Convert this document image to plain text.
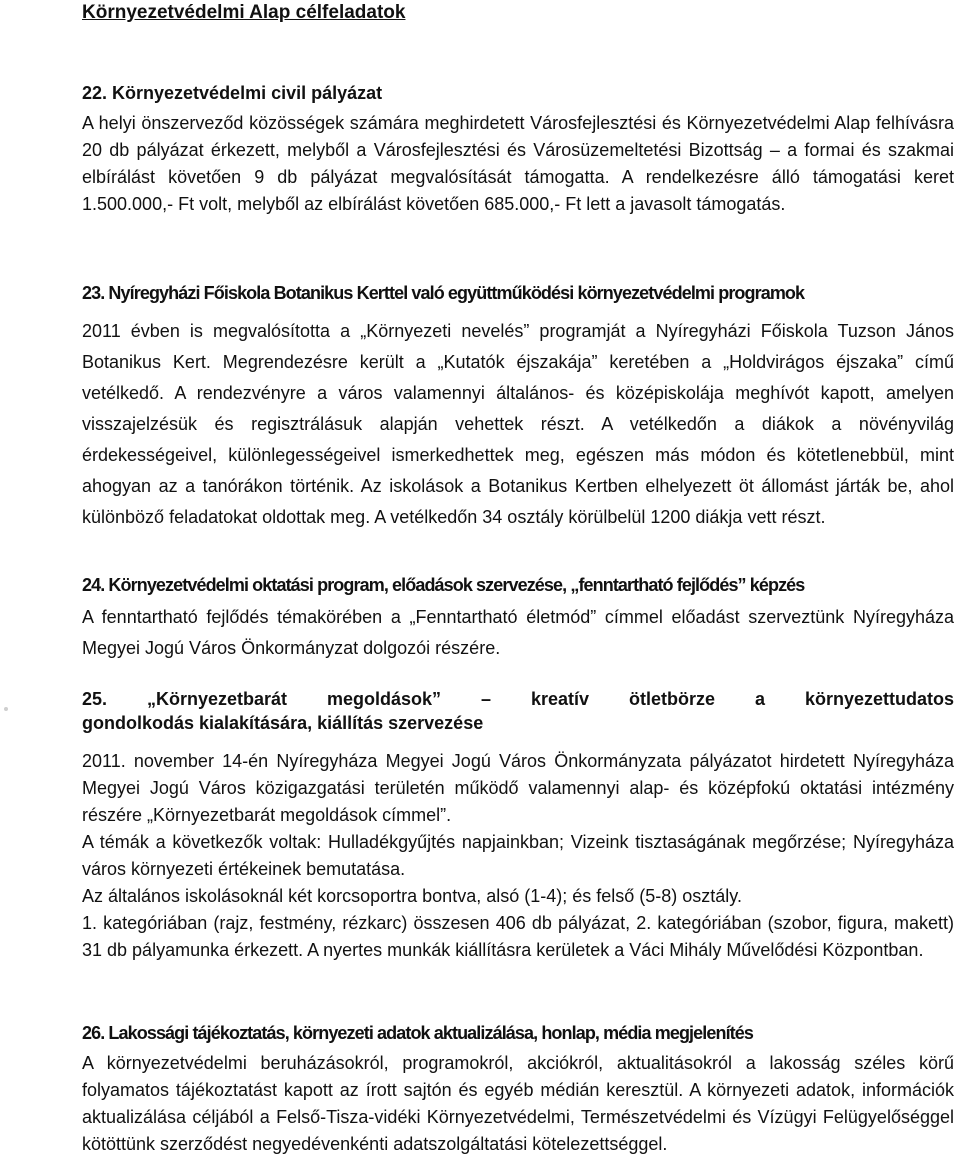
Környezetvédelmi Alap célfeladatok

22. Környezetvédelmi civil pályázat

A helyi önszerveződ közösségek számára meghirdetett Városfejlesztési és Környezetvédelmi Alap felhívásra 20 db pályázat érkezett, melyből a Városfejlesztési és Városüzemeltetési Bizottság – a formai és szakmai elbírálást követően 9 db pályázat megvalósítását támogatta. A rendelkezésre álló támogatási keret 1.500.000,- Ft volt, melyből az elbírálást követően 685.000,- Ft lett a javasolt támogatás.

23. Nyíregyházi Főiskola Botanikus Kerttel való együttműködési környezetvédelmi programok

2011 évben is megvalósította a „Környezeti nevelés” programját a Nyíregyházi Főiskola Tuzson János Botanikus Kert. Megrendezésre került a „Kutatók éjszakája” keretében a „Holdvirágos éjszaka” című vetélkedő. A rendezvényre a város valamennyi általános- és középiskolája meghívót kapott, amelyen visszajelzésük és regisztrálásuk alapján vehettek részt. A vetélkedőn a diákok a növényvilág érdekességeivel, különlegességeivel ismerkedhettek meg, egészen más módon és kötetlenebbül, mint ahogyan az a tanórákon történik. Az iskolások a Botanikus Kertben elhelyezett öt állomást járták be, ahol különböző feladatokat oldottak meg. A vetélkedőn 34 osztály körülbelül 1200 diákja vett részt.

24. Környezetvédelmi oktatási program, előadások szervezése, „fenntartható fejlődés” képzés

A fenntartható fejlődés témakörében a „Fenntartható életmód” címmel előadást szerveztünk Nyíregyháza Megyei Jogú Város Önkormányzat dolgozói részére.

25. „Környezetbarát megoldások” – kreatív ötletbörze a környezettudatos

gondolkodás kialakítására, kiállítás szervezése

2011. november 14-én Nyíregyháza Megyei Jogú Város Önkormányzata pályázatot hirdetett Nyíregyháza Megyei Jogú Város közigazgatási területén működő valamennyi alap- és középfokú oktatási intézmény részére „Környezetbarát megoldások címmel”.

A témák a következők voltak: Hulladékgyűjtés napjainkban; Vizeink tisztaságának megőrzése; Nyíregyháza város környezeti értékeinek bemutatása.

Az általános iskolásoknál két korcsoportra bontva, alsó (1-4); és felső (5-8) osztály.

1. kategóriában (rajz, festmény, rézkarc) összesen 406 db pályázat, 2. kategóriában (szobor, figura, makett) 31 db pályamunka érkezett. A nyertes munkák kiállításra kerületek a Váci Mihály Művelődési Központban.

26. Lakossági tájékoztatás, környezeti adatok aktualizálása, honlap, média megjelenítés

A környezetvédelmi beruházásokról, programokról, akciókról, aktualitásokról a lakosság széles körű folyamatos tájékoztatást kapott az írott sajtón és egyéb médián keresztül. A környezeti adatok, információk aktualizálása céljából a Felső-Tisza-vidéki Környezetvédelmi, Természetvédelmi és Vízügyi Felügyelőséggel kötöttünk szerződést negyedévenkénti adatszolgáltatási kötelezettséggel.
